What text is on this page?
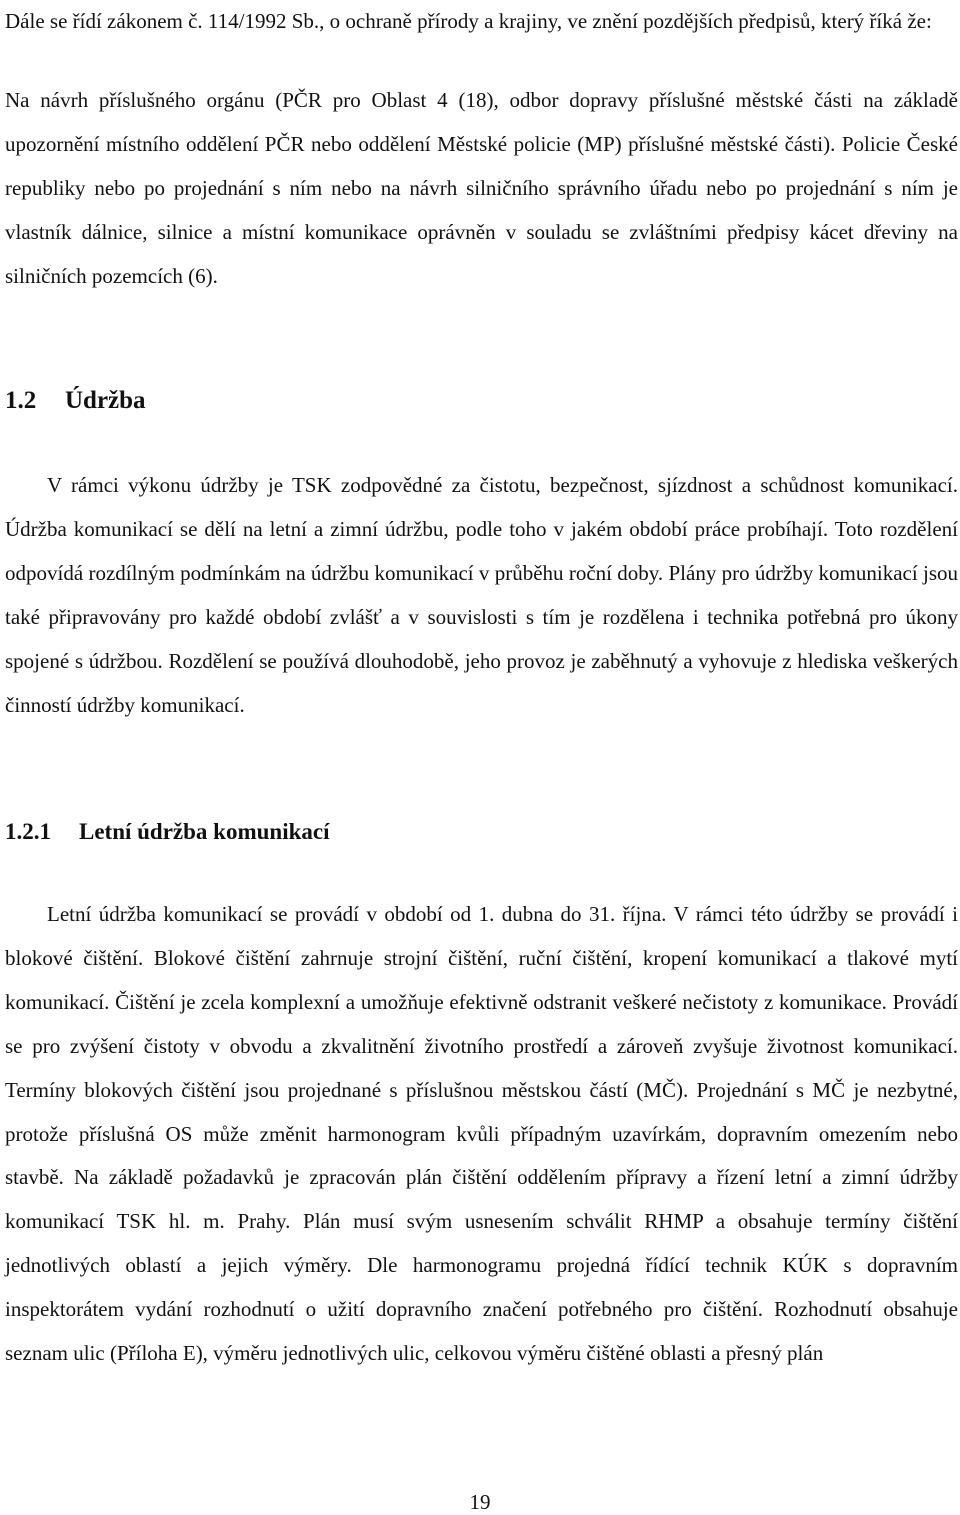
Dále se řídí zákonem č. 114/1992 Sb., o ochraně přírody a krajiny, ve znění pozdějších předpisů, který říká že:

Na návrh příslušného orgánu (PČR pro Oblast 4 (18), odbor dopravy příslušné městské části na základě upozornění místního oddělení PČR nebo oddělení Městské policie (MP) příslušné městské části). Policie České republiky nebo po projednání s ním nebo na návrh silničního správního úřadu nebo po projednání s ním je vlastník dálnice, silnice a místní komunikace oprávněn v souladu se zvláštními předpisy kácet dřeviny na silničních pozemcích (6).

1.2 Údržba

V rámci výkonu údržby je TSK zodpovědné za čistotu, bezpečnost, sjízdnost a schůdnost komunikací. Údržba komunikací se dělí na letní a zimní údržbu, podle toho v jakém období práce probíhají. Toto rozdělení odpovídá rozdílným podmínkám na údržbu komunikací v průběhu roční doby. Plány pro údržby komunikací jsou také připravovány pro každé období zvlášť a v souvislosti s tím je rozdělena i technika potřebná pro úkony spojené s údržbou. Rozdělení se používá dlouhodobě, jeho provoz je zaběhnutý a vyhovuje z hlediska veškerých činností údržby komunikací.

1.2.1 Letní údržba komunikací

Letní údržba komunikací se provádí v období od 1. dubna do 31. října. V rámci této údržby se provádí i blokové čištění. Blokové čištění zahrnuje strojní čištění, ruční čištění, kropení komunikací a tlakové mytí komunikací. Čištění je zcela komplexní a umožňuje efektivně odstranit veškeré nečistoty z komunikace. Provádí se pro zvýšení čistoty v obvodu a zkvalitnění životního prostředí a zároveň zvyšuje životnost komunikací. Termíny blokových čištění jsou projednané s příslušnou městskou částí (MČ). Projednání s MČ je nezbytné, protože příslušná OS může změnit harmonogram kvůli případným uzavírkám, dopravním omezením nebo stavbě. Na základě požadavků je zpracován plán čištění oddělením přípravy a řízení letní a zimní údržby komunikací TSK hl. m. Prahy. Plán musí svým usnesením schválit RHMP a obsahuje termíny čištění jednotlivých oblastí a jejich výměry. Dle harmonogramu projedná řídící technik KÚK s dopravním inspektorátem vydání rozhodnutí o užití dopravního značení potřebného pro čištění. Rozhodnutí obsahuje seznam ulic (Příloha E), výměru jednotlivých ulic, celkovou výměru čištěné oblasti a přesný plán

19
